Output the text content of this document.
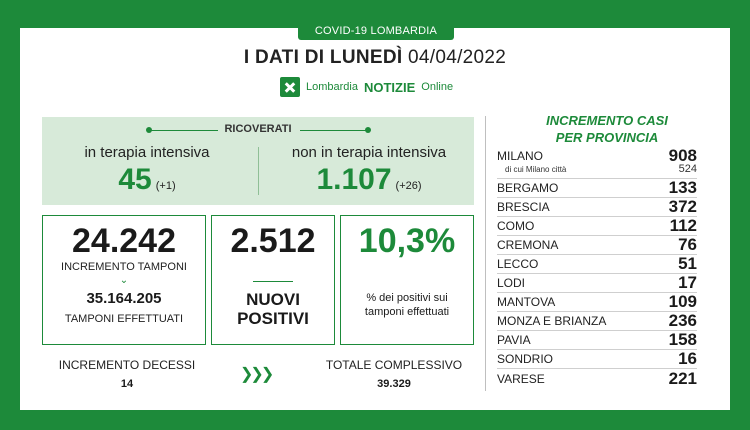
COVID-19 LOMBARDIA
I DATI DI LUNEDÌ 04/04/2022
Lombardia NOTIZIE Online
RICOVERATI
in terapia intensiva
45 (+1)
non in terapia intensiva
1.107 (+26)
24.242
INCREMENTO TAMPONI
⌄
35.164.205
TAMPONI EFFETTUATI
2.512
NUOVI
POSITIVI
10,3%
% dei positivi sui
tamponi effettuati
INCREMENTO DECESSI
14
❯❯❯
TOTALE COMPLESSIVO
39.329
INCREMENTO CASI
PER PROVINCIA
MILANO	908
di cui Milano città	524
BERGAMO	133
BRESCIA	372
COMO	112
CREMONA	76
LECCO	51
LODI	17
MANTOVA	109
MONZA E BRIANZA	236
PAVIA	158
SONDRIO	16
VARESE	221
